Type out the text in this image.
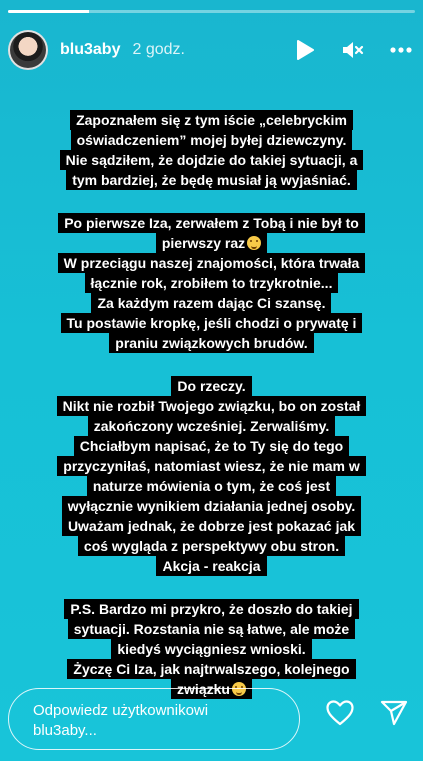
blu3aby 2 godz.
Zapoznałem się z tym iście „celebryckim
oświadczeniem” mojej byłej dziewczyny.
Nie sądziłem, że dojdzie do takiej sytuacji, a
tym bardziej, że będę musiał ją wyjaśniać.
Po pierwsze Iza, zerwałem z Tobą i nie był to
pierwszy raz
W przeciągu naszej znajomości, która trwała
łącznie rok, zrobiłem to trzykrotnie...
Za każdym razem dając Ci szansę.
Tu postawie kropkę, jeśli chodzi o prywatę i
praniu związkowych brudów.
Do rzeczy.
Nikt nie rozbił Twojego związku, bo on został
zakończony wcześniej. Zerwaliśmy.
Chciałbym napisać, że to Ty się do tego
przyczyniłaś, natomiast wiesz, że nie mam w
naturze mówienia o tym, że coś jest
wyłącznie wynikiem działania jednej osoby.
Uważam jednak, że dobrze jest pokazać jak
coś wygląda z perspektywy obu stron.
Akcja - reakcja
P.S. Bardzo mi przykro, że doszło do takiej
sytuacji. Rozstania nie są łatwe, ale może
kiedyś wyciągniesz wnioski.
Życzę Ci Iza, jak najtrwalszego, kolejnego
związku
Odpowiedz użytkownikowi blu3aby...
